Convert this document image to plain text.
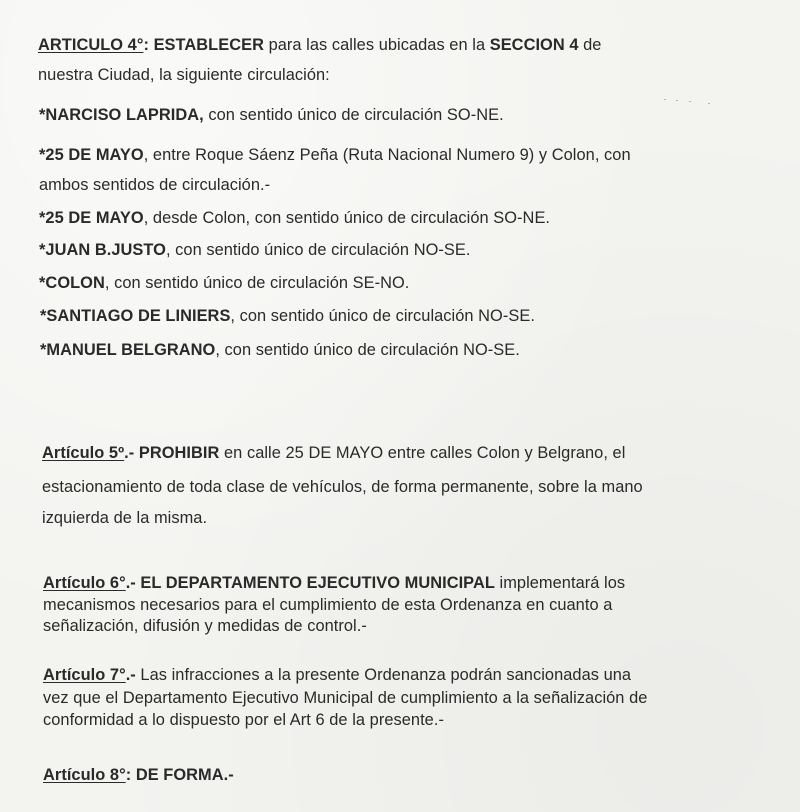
ARTICULO 4°: ESTABLECER para las calles ubicadas en la SECCION 4 de
nuestra Ciudad, la siguiente circulación:
*NARCISO LAPRIDA, con sentido único de circulación SO-NE.
*25 DE MAYO, entre Roque Sáenz Peña (Ruta Nacional Numero 9) y Colon, con
ambos sentidos de circulación.-
*25 DE MAYO, desde Colon, con sentido único de circulación SO-NE.
*JUAN B.JUSTO, con sentido único de circulación NO-SE.
*COLON, con sentido único de circulación SE-NO.
*SANTIAGO DE LINIERS, con sentido único de circulación NO-SE.
*MANUEL BELGRANO, con sentido único de circulación NO-SE.
Artículo 5º.- PROHIBIR en calle 25 DE MAYO entre calles Colon y Belgrano, el
estacionamiento de toda clase de vehículos, de forma permanente, sobre la mano
izquierda de la misma.
Artículo 6°.- EL DEPARTAMENTO EJECUTIVO MUNICIPAL implementará los
mecanismos necesarios para el cumplimiento de esta Ordenanza en cuanto a
señalización, difusión y medidas de control.-
Artículo 7°.- Las infracciones a la presente Ordenanza podrán sancionadas una
vez que el Departamento Ejecutivo Municipal de cumplimiento a la señalización de
conformidad a lo dispuesto por el Art 6 de la presente.-
Artículo 8°: DE FORMA.-
